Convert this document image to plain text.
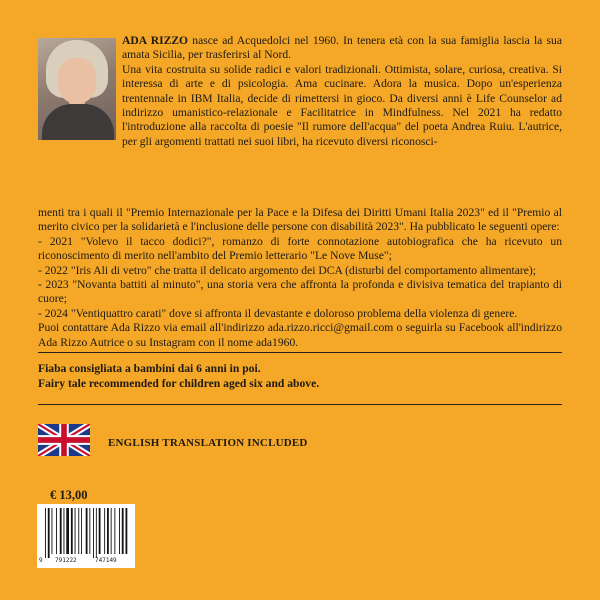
ADA RIZZO nasce ad Acquedolci nel 1960. In tenera età con la sua famiglia lascia la sua amata Sicilia, per trasferirsi al Nord.

Una vita costruita su solide radici e valori tradizionali. Ottimista, solare, curiosa, creativa. Si interessa di arte e di psicologia. Ama cucinare. Adora la musica. Dopo un'esperienza trentennale in IBM Italia, decide di rimettersi in gioco. Da diversi anni è Life Counselor ad indirizzo umanistico-relazionale e Facilitatrice in Mindfulness. Nel 2021 ha redatto l'introduzione alla raccolta di poesie "Il rumore dell'acqua" del poeta Andrea Ruiu. L'autrice, per gli argomenti trattati nei suoi libri, ha ricevuto diversi riconosci-

menti tra i quali il "Premio Internazionale per la Pace e la Difesa dei Diritti Umani Italia 2023" ed il "Premio al merito civico per la solidarietà e l'inclusione delle persone con disabilità 2023". Ha pubblicato le seguenti opere:

- 2021 "Volevo il tacco dodici?", romanzo di forte connotazione autobiografica che ha ricevuto un riconoscimento di merito nell'ambito del Premio letterario "Le Nove Muse";

- 2022 "Iris Ali di vetro" che tratta il delicato argomento dei DCA (disturbi del comportamento alimentare);

- 2023 "Novanta battiti al minuto", una storia vera che affronta la profonda e divisiva tematica del trapianto di cuore;

- 2024 "Ventiquattro carati" dove si affronta il devastante e doloroso problema della violenza di genere.

Puoi contattare Ada Rizzo via email all'indirizzo ada.rizzo.ricci@gmail.com o seguirla su Facebook all'indirizzo Ada Rizzo Autrice o su Instagram con il nome ada1960.

Fiaba consigliata a bambini dai 6 anni in poi.

Fairy tale recommended for children aged six and above.

ENGLISH TRANSLATION INCLUDED
€ 13,00
9 791222	747149
